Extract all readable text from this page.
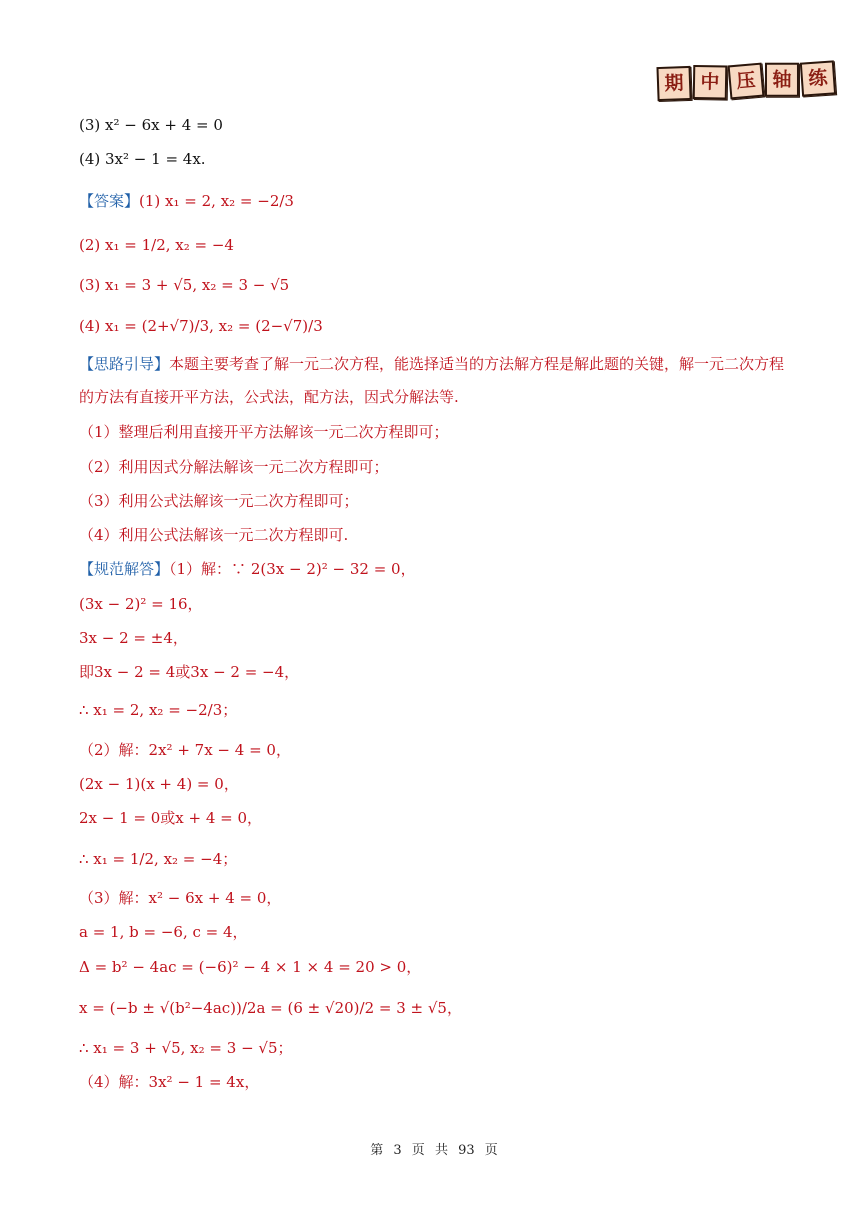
期 中 压 轴 练
(3) x² − 6x + 4 = 0
(4) 3x² − 1 = 4x.
【答案】(1) x₁ = 2, x₂ = −2/3
(2) x₁ = 1/2, x₂ = −4
(3) x₁ = 3 + √5, x₂ = 3 − √5
(4) x₁ = (2+√7)/3, x₂ = (2−√7)/3
【思路引导】本题主要考查了解一元二次方程，能选择适当的方法解方程是解此题的关键，解一元二次方程的方法有直接开平方法，公式法，配方法，因式分解法等.
（1）整理后利用直接开平方法解该一元二次方程即可；
（2）利用因式分解法解该一元二次方程即可；
（3）利用公式法解该一元二次方程即可；
（4）利用公式法解该一元二次方程即可.
【规范解答】（1）解：∵ 2(3x − 2)² − 32 = 0，
(3x − 2)² = 16，
3x − 2 = ±4，
即3x − 2 = 4或3x − 2 = −4，
∴ x₁ = 2, x₂ = −2/3；
（2）解：2x² + 7x − 4 = 0，
(2x − 1)(x + 4) = 0，
2x − 1 = 0或x + 4 = 0，
∴ x₁ = 1/2, x₂ = −4；
（3）解：x² − 6x + 4 = 0，
a = 1, b = −6, c = 4，
Δ = b² − 4ac = (−6)² − 4 × 1 × 4 = 20 > 0，
x = (−b ± √(b²−4ac))/2a = (6 ± √20)/2 = 3 ± √5，
∴ x₁ = 3 + √5, x₂ = 3 − √5；
（4）解：3x² − 1 = 4x，
第 3 页 共 93 页
